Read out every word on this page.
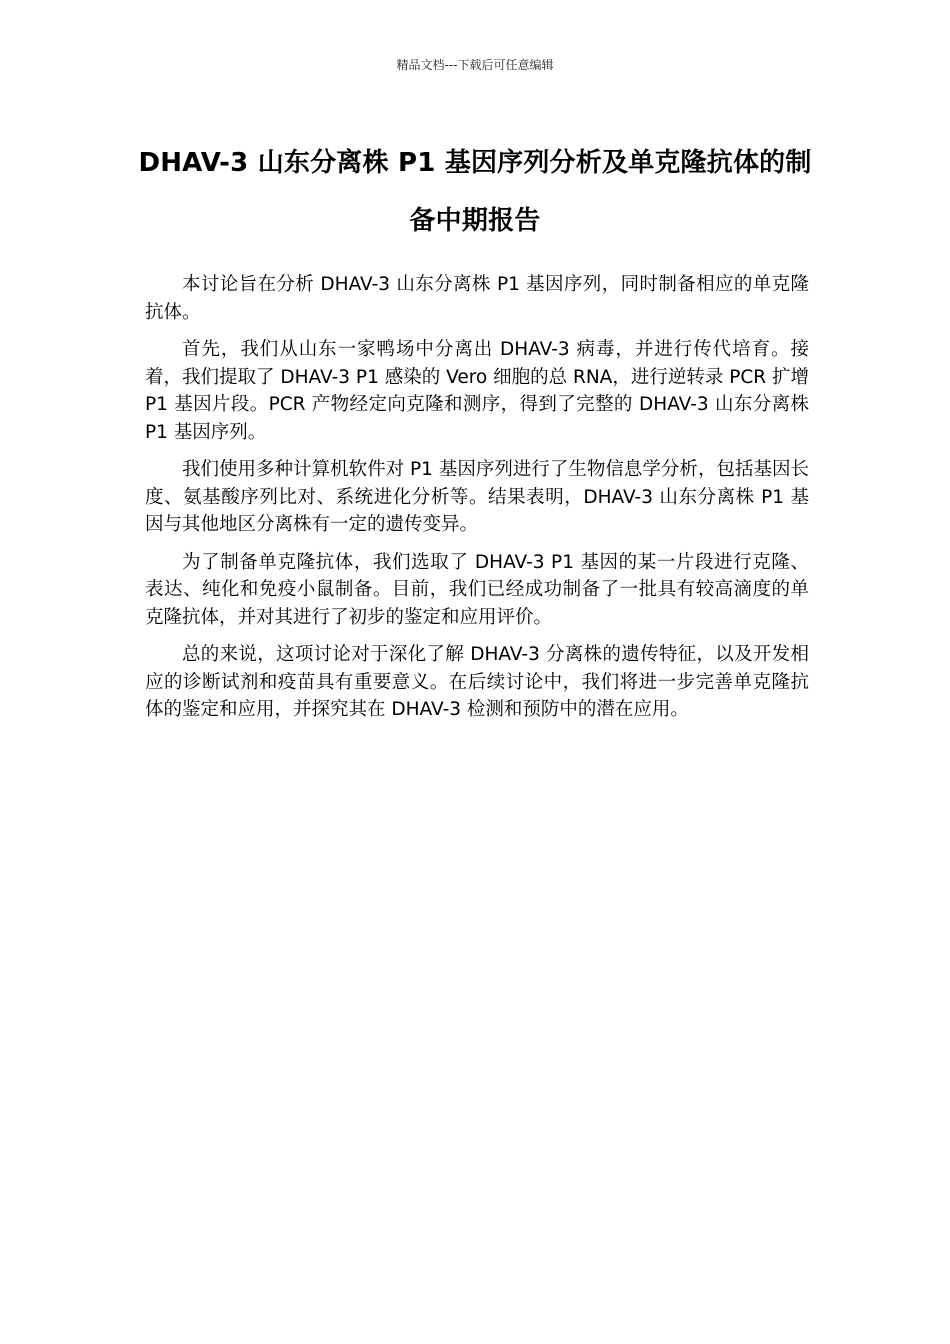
精品文档---下载后可任意编辑
DHAV-3 山东分离株 P1 基因序列分析及单克隆抗体的制备中期报告

本讨论旨在分析 DHAV-3 山东分离株 P1 基因序列，同时制备相应的单克隆抗体。

首先，我们从山东一家鸭场中分离出 DHAV-3 病毒，并进行传代培育。接着，我们提取了 DHAV-3 P1 感染的 Vero 细胞的总 RNA，进行逆转录 PCR 扩增 P1 基因片段。PCR 产物经定向克隆和测序，得到了完整的 DHAV-3 山东分离株 P1 基因序列。

我们使用多种计算机软件对 P1 基因序列进行了生物信息学分析，包括基因长度、氨基酸序列比对、系统进化分析等。结果表明，DHAV-3 山东分离株 P1 基因与其他地区分离株有一定的遗传变异。

为了制备单克隆抗体，我们选取了 DHAV-3 P1 基因的某一片段进行克隆、表达、纯化和免疫小鼠制备。目前，我们已经成功制备了一批具有较高滴度的单克隆抗体，并对其进行了初步的鉴定和应用评价。

总的来说，这项讨论对于深化了解 DHAV-3 分离株的遗传特征，以及开发相应的诊断试剂和疫苗具有重要意义。在后续讨论中，我们将进一步完善单克隆抗体的鉴定和应用，并探究其在 DHAV-3 检测和预防中的潜在应用。
